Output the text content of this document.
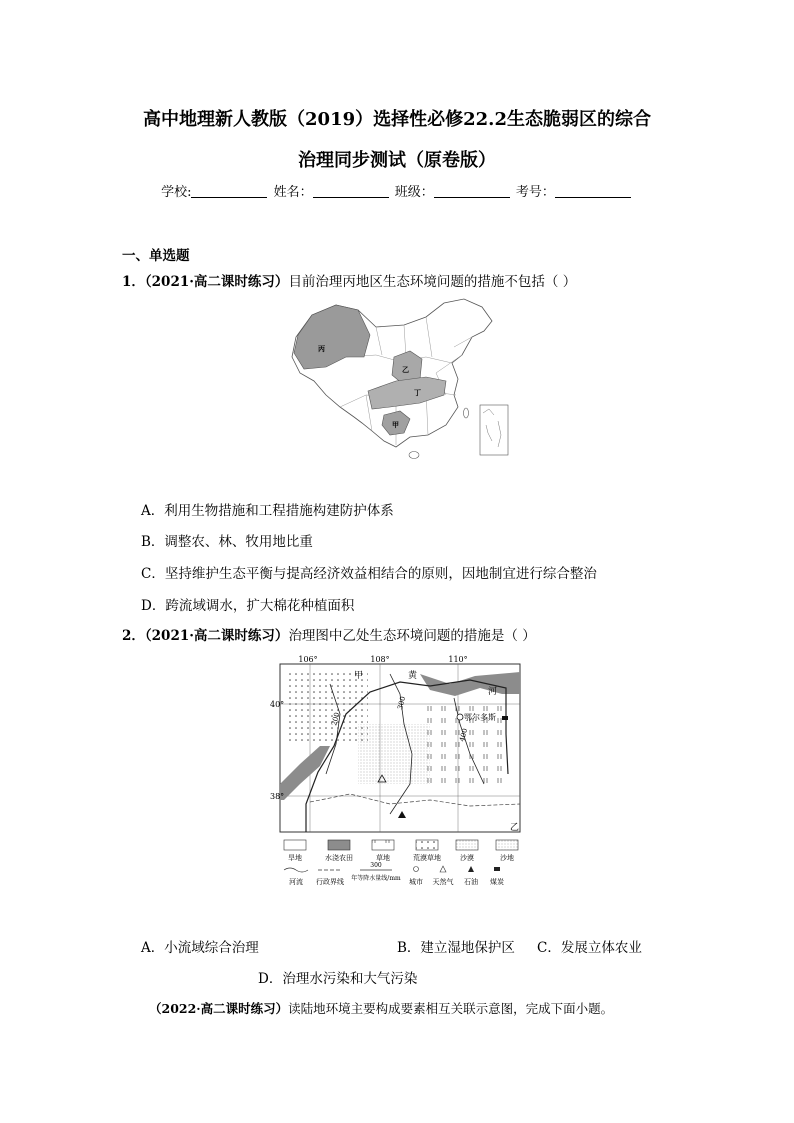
高中地理新人教版（2019）选择性必修22.2生态脆弱区的综合
治理同步测试（原卷版）
学校:	姓名：	班级：	考号：
一、单选题
1．（2021·高二课时练习）目前治理丙地区生态环境问题的措施不包括（ ）
丙
乙
丁
甲
A．利用生物措施和工程措施构建防护体系
B．调整农、林、牧用地比重
C．坚持维护生态平衡与提高经济效益相结合的原则，因地制宜进行综合整治
D．跨流域调水，扩大棉花种植面积
2．（2021·高二课时练习）治理图中乙处生态环境问题的措施是（ ）
106°	108°	110°
40°
38°
甲	黄
河
鄂尔多斯
乙
200
300
400
旱地	水浇农田	草地	荒漠草地	沙漠	沙地
300
河流 行政界线 年等降水量线/mm 城市 天然气 石油 煤炭
A．小流域综合治理	B．建立湿地保护区 C．发展立体农业
D．治理水污染和大气污染
（2022·高二课时练习）读陆地环境主要构成要素相互关联示意图，完成下面小题。
